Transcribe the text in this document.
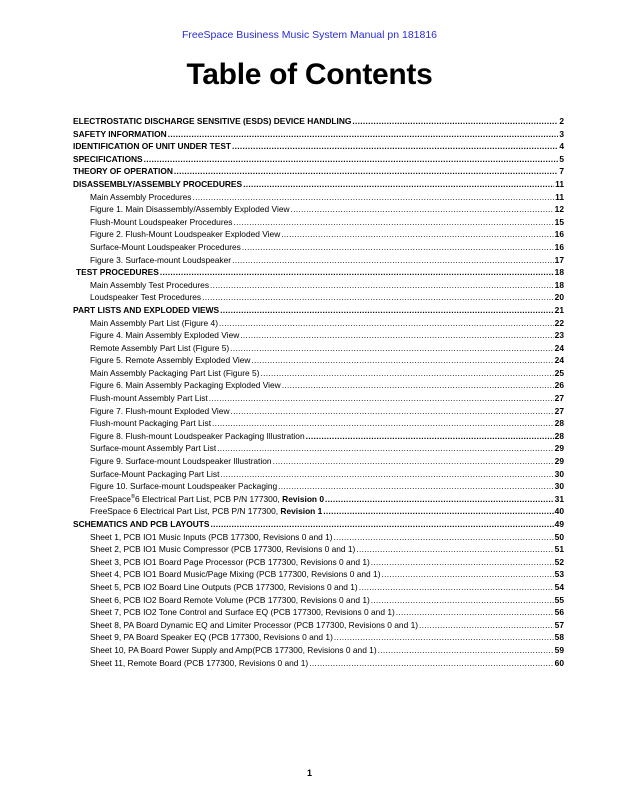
FreeSpace Business Music System Manual pn 181816
Table of Contents
ELECTROSTATIC DISCHARGE SENSITIVE (ESDS) DEVICE HANDLING .....	2
SAFETY INFORMATION .....	3
IDENTIFICATION OF UNIT UNDER TEST .....	4
SPECIFICATIONS .....	5
THEORY OF OPERATION .....	7
DISASSEMBLY/ASSEMBLY PROCEDURES .....	11
Main Assembly Procedures .....	11
Figure 1. Main Disassembly/Assembly Exploded View .....	12
Flush-Mount Loudspeaker Procedures .....	15
Figure 2. Flush-Mount Loudspeaker Exploded View .....	16
Surface-Mount Loudspeaker Procedures .....	16
Figure 3. Surface-mount Loudspeaker .....	17
TEST PROCEDURES .....	18
Main Assembly Test Procedures .....	18
Loudspeaker Test Procedures .....	20
PART LISTS AND EXPLODED VIEWS .....	21
Main Assembly Part List (Figure 4) .....	22
Figure 4. Main Assembly Exploded View .....	23
Remote Assembly Part List (Figure 5) .....	24
Figure 5. Remote Assembly Exploded View .....	24
Main Assembly Packaging Part List (Figure 5) .....	25
Figure 6. Main Assembly Packaging Exploded View .....	26
Flush-mount Assembly Part List .....	27
Figure 7. Flush-mount Exploded View .....	27
Flush-mount Packaging Part List .....	28
Figure 8. Flush-mount Loudspeaker Packaging Illustration .....	28
Surface-mount Assembly Part List .....	29
Figure 9. Surface-mount Loudspeaker Illustration .....	29
Surface-Mount Packaging Part List .....	30
Figure 10. Surface-mount Loudspeaker Packaging .....	30
FreeSpace®6 Electrical Part List, PCB P/N 177300, Revision 0 .....	31
FreeSpace 6 Electrical Part List, PCB P/N 177300, Revision 1 .....	40
SCHEMATICS AND PCB LAYOUTS .....	49
Sheet 1, PCB IO1 Music Inputs (PCB 177300, Revisions 0 and 1) .....	50
Sheet 2, PCB IO1 Music Compressor (PCB 177300, Revisions 0 and 1) .....	51
Sheet 3, PCB IO1 Board Page Processor (PCB 177300, Revisions 0 and 1) .....	52
Sheet 4, PCB IO1 Board Music/Page Mixing (PCB 177300, Revisions 0 and 1) .....	53
Sheet 5, PCB IO2 Board Line Outputs (PCB 177300, Revisions 0 and 1) .....	54
Sheet 6, PCB IO2 Board Remote Volume (PCB 177300, Revisions 0 and 1) .....	55
Sheet 7, PCB IO2 Tone Control and Surface EQ (PCB 177300, Revisions 0 and 1) .....	56
Sheet 8, PA Board Dynamic EQ and Limiter Processor (PCB 177300, Revisions 0 and 1) .....	57
Sheet 9, PA Board Speaker EQ (PCB 177300, Revisions 0 and 1) .....	58
Sheet 10, PA Board Power Supply and Amp(PCB 177300, Revisions 0 and 1) .....	59
Sheet 11, Remote Board (PCB 177300, Revisions 0 and 1) .....	60
1
